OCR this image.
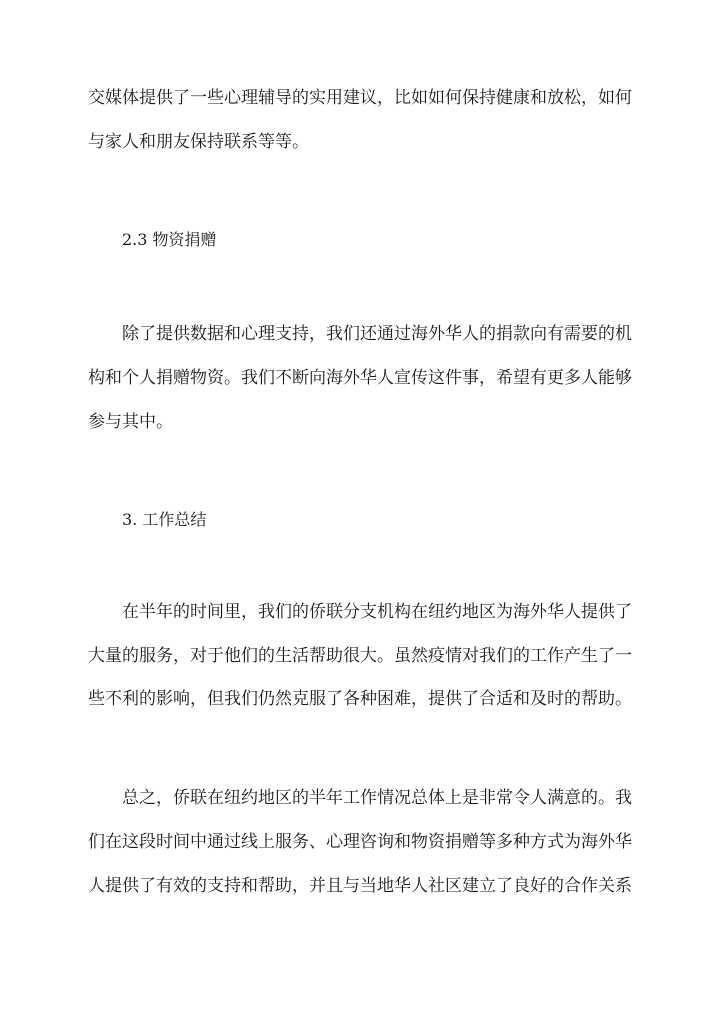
交媒体提供了一些心理辅导的实用建议，比如如何保持健康和放松，如何
与家人和朋友保持联系等等。
2.3 物资捐赠
除了提供数据和心理支持，我们还通过海外华人的捐款向有需要的机
构和个人捐赠物资。我们不断向海外华人宣传这件事，希望有更多人能够
参与其中。
3. 工作总结
在半年的时间里，我们的侨联分支机构在纽约地区为海外华人提供了
大量的服务，对于他们的生活帮助很大。虽然疫情对我们的工作产生了一
些不利的影响，但我们仍然克服了各种困难，提供了合适和及时的帮助。
总之，侨联在纽约地区的半年工作情况总体上是非常令人满意的。我
们在这段时间中通过线上服务、心理咨询和物资捐赠等多种方式为海外华
人提供了有效的支持和帮助，并且与当地华人社区建立了良好的合作关系
